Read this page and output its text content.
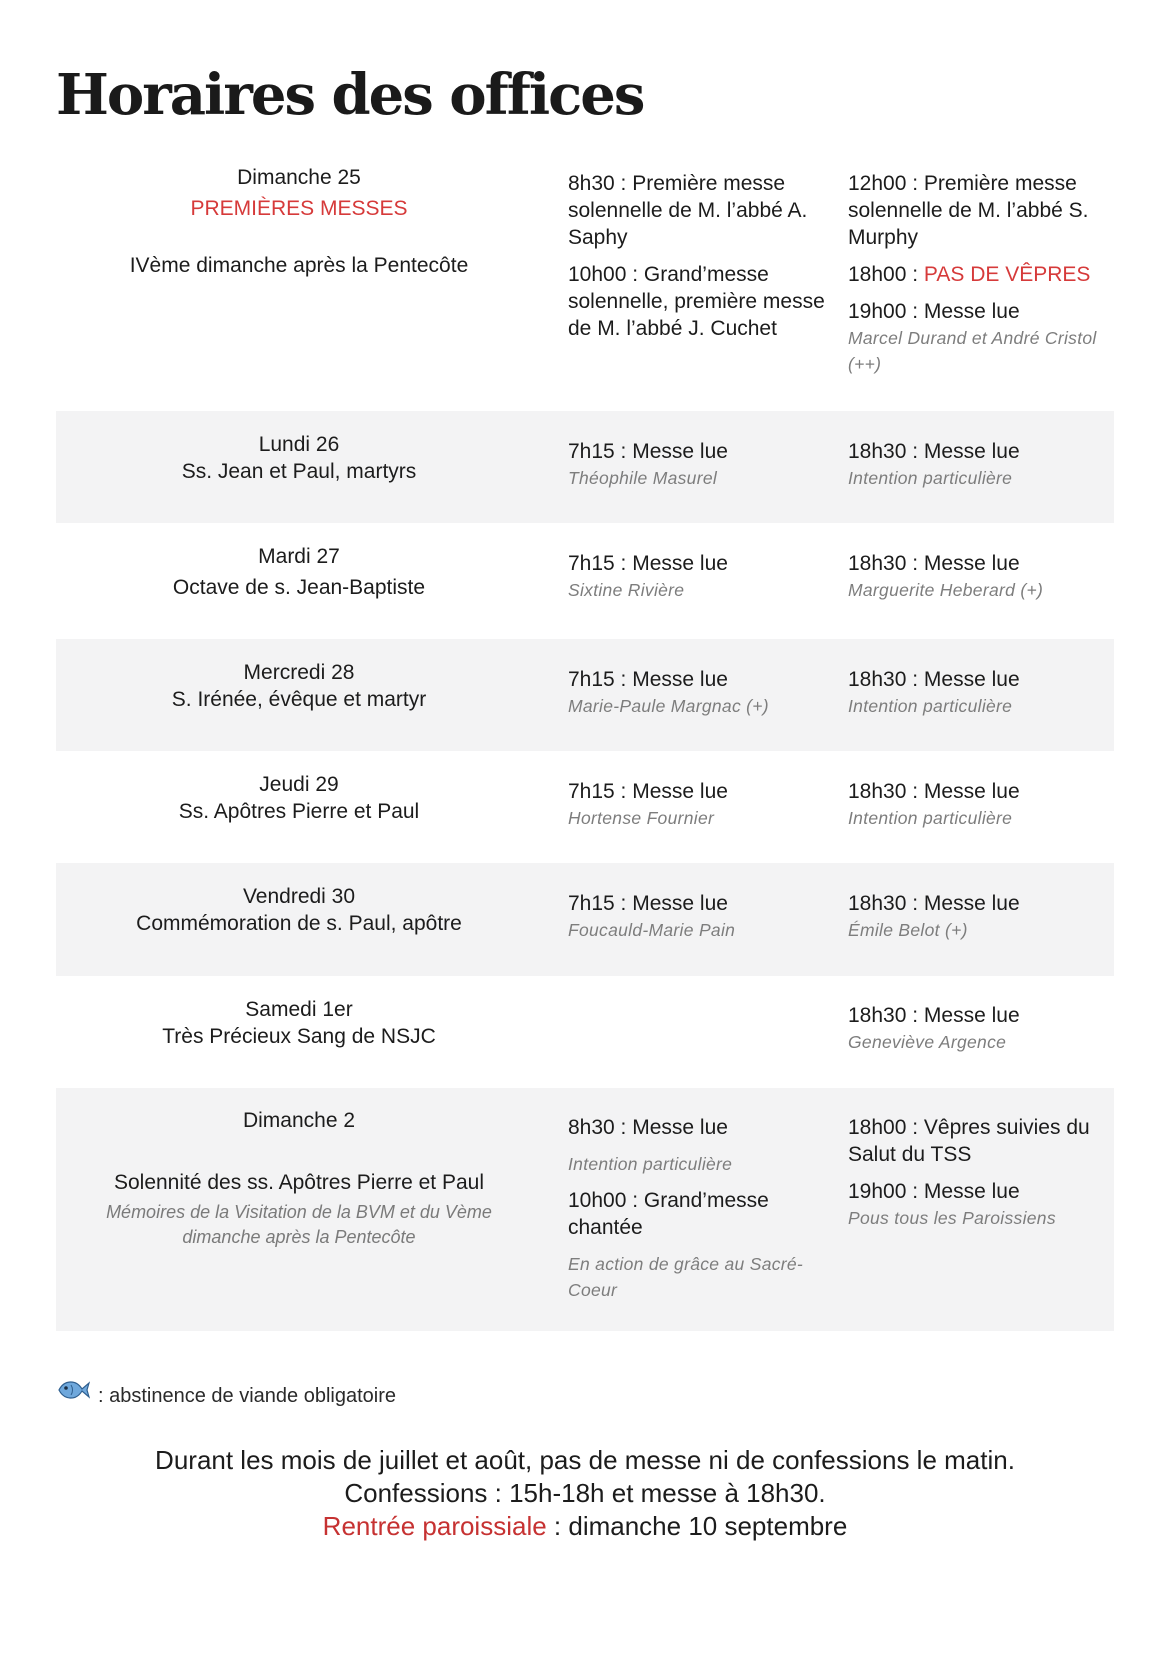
Horaires des offices
Dimanche 25
PREMIÈRES MESSES
IVème dimanche après la Pentecôte
8h30 : Première messe solennelle de M. l’abbé A. Saphy
10h00 : Grand’messe solennelle, première messe de M. l’abbé J. Cuchet
12h00 : Première messe solennelle de M. l’abbé S. Murphy
18h00 : PAS DE VÊPRES
19h00 : Messe lue
Marcel Durand et André Cristol (++)
Lundi 26
Ss. Jean et Paul, martyrs
7h15 : Messe lue
Théophile Masurel
18h30 : Messe lue
Intention particulière
Mardi 27
Octave de s. Jean-Baptiste
7h15 : Messe lue
Sixtine Rivière
18h30 : Messe lue
Marguerite Heberard (+)
Mercredi 28
S. Irénée, évêque et martyr
7h15 : Messe lue
Marie-Paule Margnac (+)
18h30 : Messe lue
Intention particulière
Jeudi 29
Ss. Apôtres Pierre et Paul
7h15 : Messe lue
Hortense Fournier
18h30 : Messe lue
Intention particulière
Vendredi 30
Commémoration de s. Paul, apôtre
7h15 : Messe lue
Foucauld-Marie Pain
18h30 : Messe lue
Émile Belot (+)
Samedi 1er
Très Précieux Sang de NSJC
18h30 : Messe lue
Geneviève Argence
Dimanche 2
Solennité des ss. Apôtres Pierre et Paul
Mémoires de la Visitation de la BVM et du Vème dimanche après la Pentecôte
8h30 : Messe lue
Intention particulière
10h00 : Grand’messe chantée
En action de grâce au Sacré-Coeur
18h00 : Vêpres suivies du Salut du TSS
19h00 : Messe lue
Pous tous les Paroissiens
: abstinence de viande obligatoire
Durant les mois de juillet et août, pas de messe ni de confessions le matin.
Confessions : 15h-18h et messe à 18h30.
Rentrée paroissiale : dimanche 10 septembre
